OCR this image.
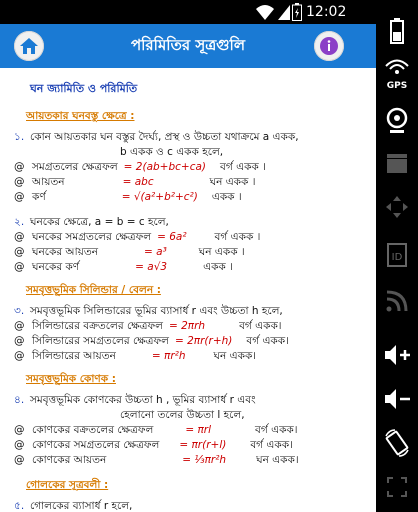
12:02
পরিমিতির সূত্রগুলি
ঘন জ্যামিতি ও পরিমিতি
আয়তকার ঘনবস্তু ক্ষেত্রে :
১. কোন আয়তকার ঘন বস্তুর দৈর্ঘ্য, প্রস্থ ও উচ্চতা যথাক্রমে a একক,
b একক ও c একক হলে,
@ সমগ্রতলের ক্ষেত্রফল = 2(ab+bc+ca) বর্গ একক ।
@ আয়তন	= abc	ঘন একক ।
@ কর্ণ	= √(a²+b²+c²) একক ।
২. ঘনকের ক্ষেত্রে, a = b = c হলে,
@ ঘনকের সমগ্রতলের ক্ষেত্রফল = 6a²	বর্গ একক ।
@ ঘনকের আয়তন	= a³	ঘন একক ।
@ ঘনকের কর্ণ	= a√3	একক ।
সমবৃত্তভূমিক সিলিন্ডার / বেলন :
৩. সমবৃত্তভূমিক সিলিন্ডারের ভূমির ব্যাসার্ধ r এবং উচ্চতা h হলে,
@ সিলিন্ডারের বক্রতলের ক্ষেত্রফল = 2πrh	বর্গ একক।
@ সিলিন্ডারের সমগ্রতলের ক্ষেত্রফল = 2πr(r+h) বর্গ একক।
@ সিলিন্ডারের আয়তন	= πr²h	ঘন একক।
সমবৃত্তভূমিক কোণক :
৪. সমবৃত্তভূমিক কোণকের উচ্চতা h , ভূমির ব্যাসার্ধ r এবং
হেলানো তলের উচ্চতা l হলে,
@ কোণকের বক্রতলের ক্ষেত্রফল	= πrl	বর্গ একক।
@ কোণকের সমগ্রতলের ক্ষেত্রফল = πr(r+l) বর্গ একক।
@ কোণকের আয়তন	= ⅓πr²h	ঘন একক।
গোলকের সূত্রবলী :
৫. গোলকের ব্যাসার্ধ r হলে,
GPS
ID
